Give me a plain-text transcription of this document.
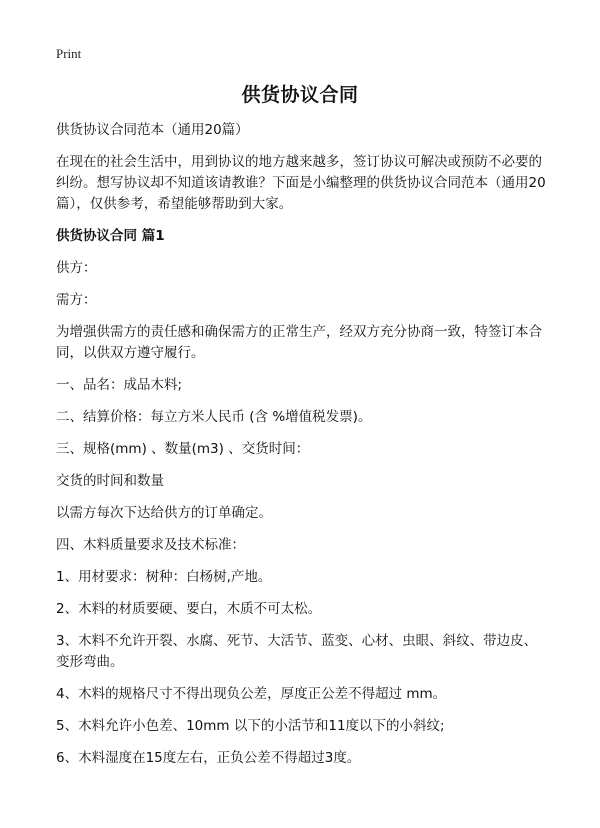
Print
供货协议合同

供货协议合同范本（通用20篇）

在现在的社会生活中，用到协议的地方越来越多，签订协议可解决或预防不必要的纠纷。想写协议却不知道该请教谁？下面是小编整理的供货协议合同范本（通用20篇），仅供参考，希望能够帮助到大家。

供货协议合同 篇1

供方：

需方：

为增强供需方的责任感和确保需方的正常生产，经双方充分协商一致，特签订本合同，以供双方遵守履行。

一、品名：成品木料;

二、结算价格：每立方米人民币 (含 %增值税发票)。

三、规格(mm) 、数量(m3) 、交货时间：

交货的时间和数量

以需方每次下达给供方的订单确定。

四、木料质量要求及技术标准：

1、用材要求：树种：白杨树,产地。

2、木料的材质要硬、要白，木质不可太松。

3、木料不允许开裂、水腐、死节、大活节、蓝变、心材、虫眼、斜纹、带边皮、变形弯曲。

4、木料的规格尺寸不得出现负公差，厚度正公差不得超过 mm。

5、木料允许小色差、10mm 以下的小活节和11度以下的小斜纹;

6、木料湿度在15度左右，正负公差不得超过3度。
